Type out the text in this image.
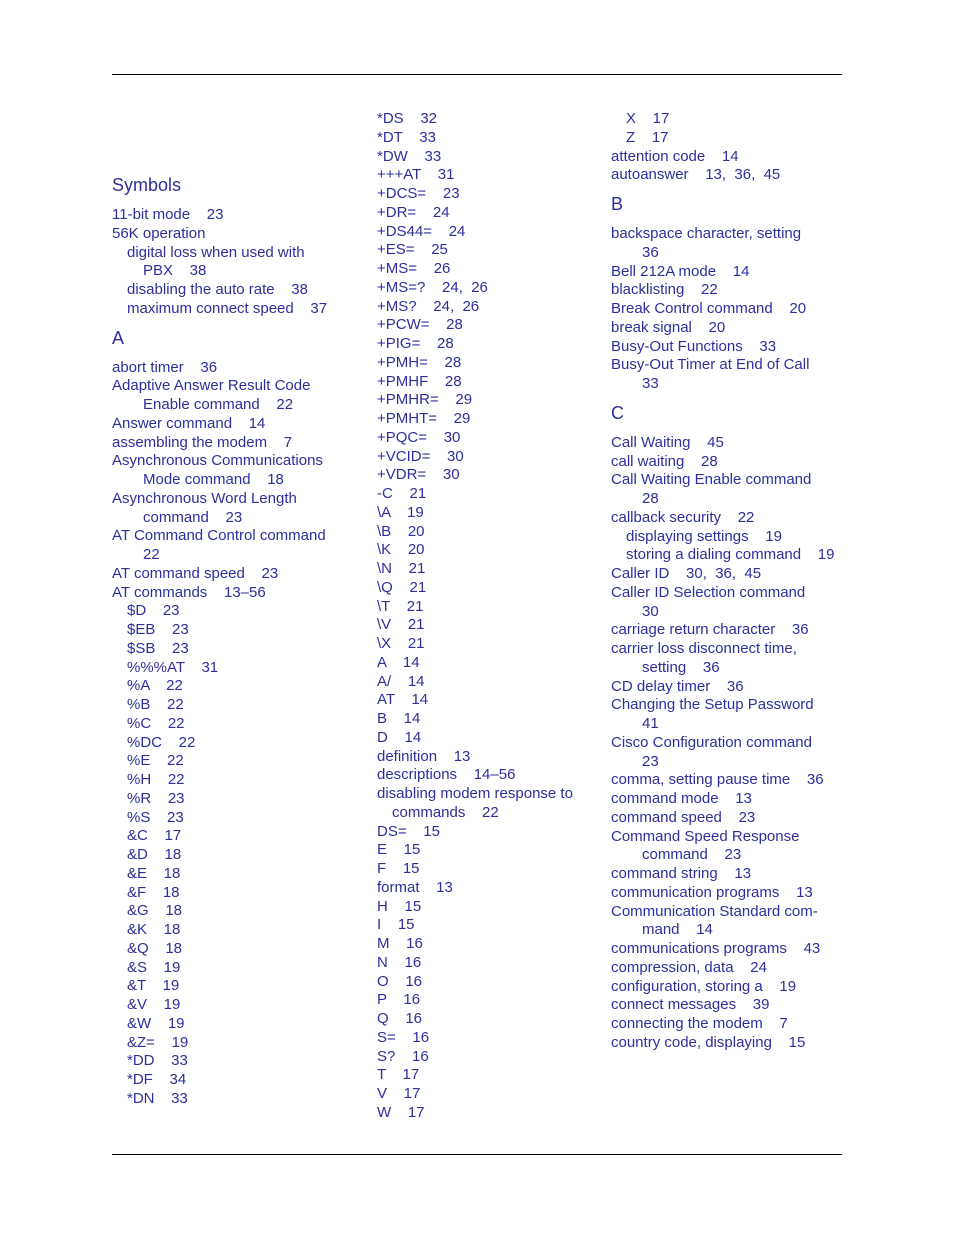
Symbols
11-bit mode    23
56K operation
digital loss when used with
PBX    38
disabling the auto rate    38
maximum connect speed    37
A
abort timer    36
Adaptive Answer Result Code
Enable command    22
Answer command    14
assembling the modem    7
Asynchronous Communications
Mode command    18
Asynchronous Word Length
command    23
AT Command Control command
22
AT command speed    23
AT commands    13–56
$D    23
$EB    23
$SB    23
%%%AT    31
%A    22
%B    22
%C    22
%DC    22
%E    22
%H    22
%R    23
%S    23
&C    17
&D    18
&E    18
&F    18
&G    18
&K    18
&Q    18
&S    19
&T    19
&V    19
&W    19
&Z=    19
*DD    33
*DF    34
*DN    33
*DS    32
*DT    33
*DW    33
+++AT    31
+DCS=    23
+DR=    24
+DS44=    24
+ES=    25
+MS=    26
+MS=?    24,  26
+MS?    24,  26
+PCW=    28
+PIG=    28
+PMH=    28
+PMHF    28
+PMHR=    29
+PMHT=    29
+PQC=    30
+VCID=    30
+VDR=    30
-C    21
\A    19
\B    20
\K    20
\N    21
\Q    21
\T    21
\V    21
\X    21
A    14
A/    14
AT    14
B    14
D    14
definition    13
descriptions    14–56
disabling modem response to
commands    22
DS=    15
E    15
F    15
format    13
H    15
I    15
M    16
N    16
O    16
P    16
Q    16
S=    16
S?    16
T    17
V    17
W    17
X    17
Z    17
attention code    14
autoanswer    13,  36,  45
B
backspace character, setting
36
Bell 212A mode    14
blacklisting    22
Break Control command    20
break signal    20
Busy-Out Functions    33
Busy-Out Timer at End of Call
33
C
Call Waiting    45
call waiting    28
Call Waiting Enable command
28
callback security    22
displaying settings    19
storing a dialing command    19
Caller ID    30,  36,  45
Caller ID Selection command
30
carriage return character    36
carrier loss disconnect time,
setting    36
CD delay timer    36
Changing the Setup Password
41
Cisco Configuration command
23
comma, setting pause time    36
command mode    13
command speed    23
Command Speed Response
command    23
command string    13
communication programs    13
Communication Standard com-
mand    14
communications programs    43
compression, data    24
configuration, storing a    19
connect messages    39
connecting the modem    7
country code, displaying    15
